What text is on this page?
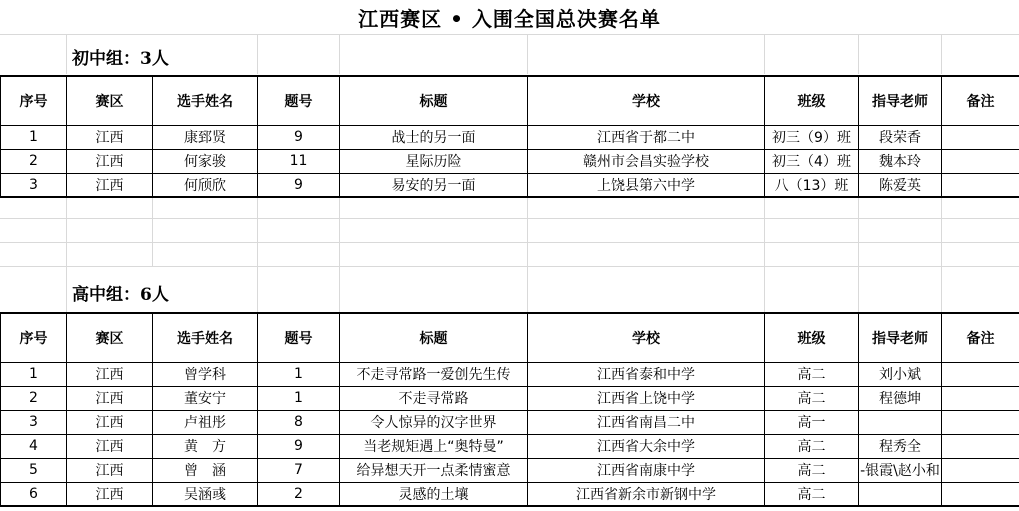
江西赛区 • 入围全国总决赛名单
初中组：3人
序号	赛区	选手姓名	题号	标题	学校	班级	指导老师	备注
1	江西	康郅贤	9	战士的另一面	江西省于都二中	初三（9）班	段荣香	
2	江西	何家骏	11	星际历险	赣州市会昌实验学校	初三（4）班	魏本玲	
3	江西	何颀欣	9	易安的另一面	上饶县第六中学	八（13）班	陈爱英	
高中组：6人
序号	赛区	选手姓名	题号	标题	学校	班级	指导老师	备注
1	江西	曾学科	1	不走寻常路一爱创先生传	江西省泰和中学	高二	刘小斌	
2	江西	董安宁	1	不走寻常路	江西省上饶中学	高二	程德坤	
3	江西	卢祖彤	8	令人惊异的汉字世界	江西省南昌二中	高一		
4	江西	黄　方	9	当老规矩遇上“奥特曼”	江西省大余中学	高二	程秀全	
5	江西	曾　涵	7	给异想天开一点柔情蜜意	江西省南康中学	高二	-银霞\赵小和	
6	江西	吴涵彧	2	灵感的土壤	江西省新余市新钢中学	高二		
